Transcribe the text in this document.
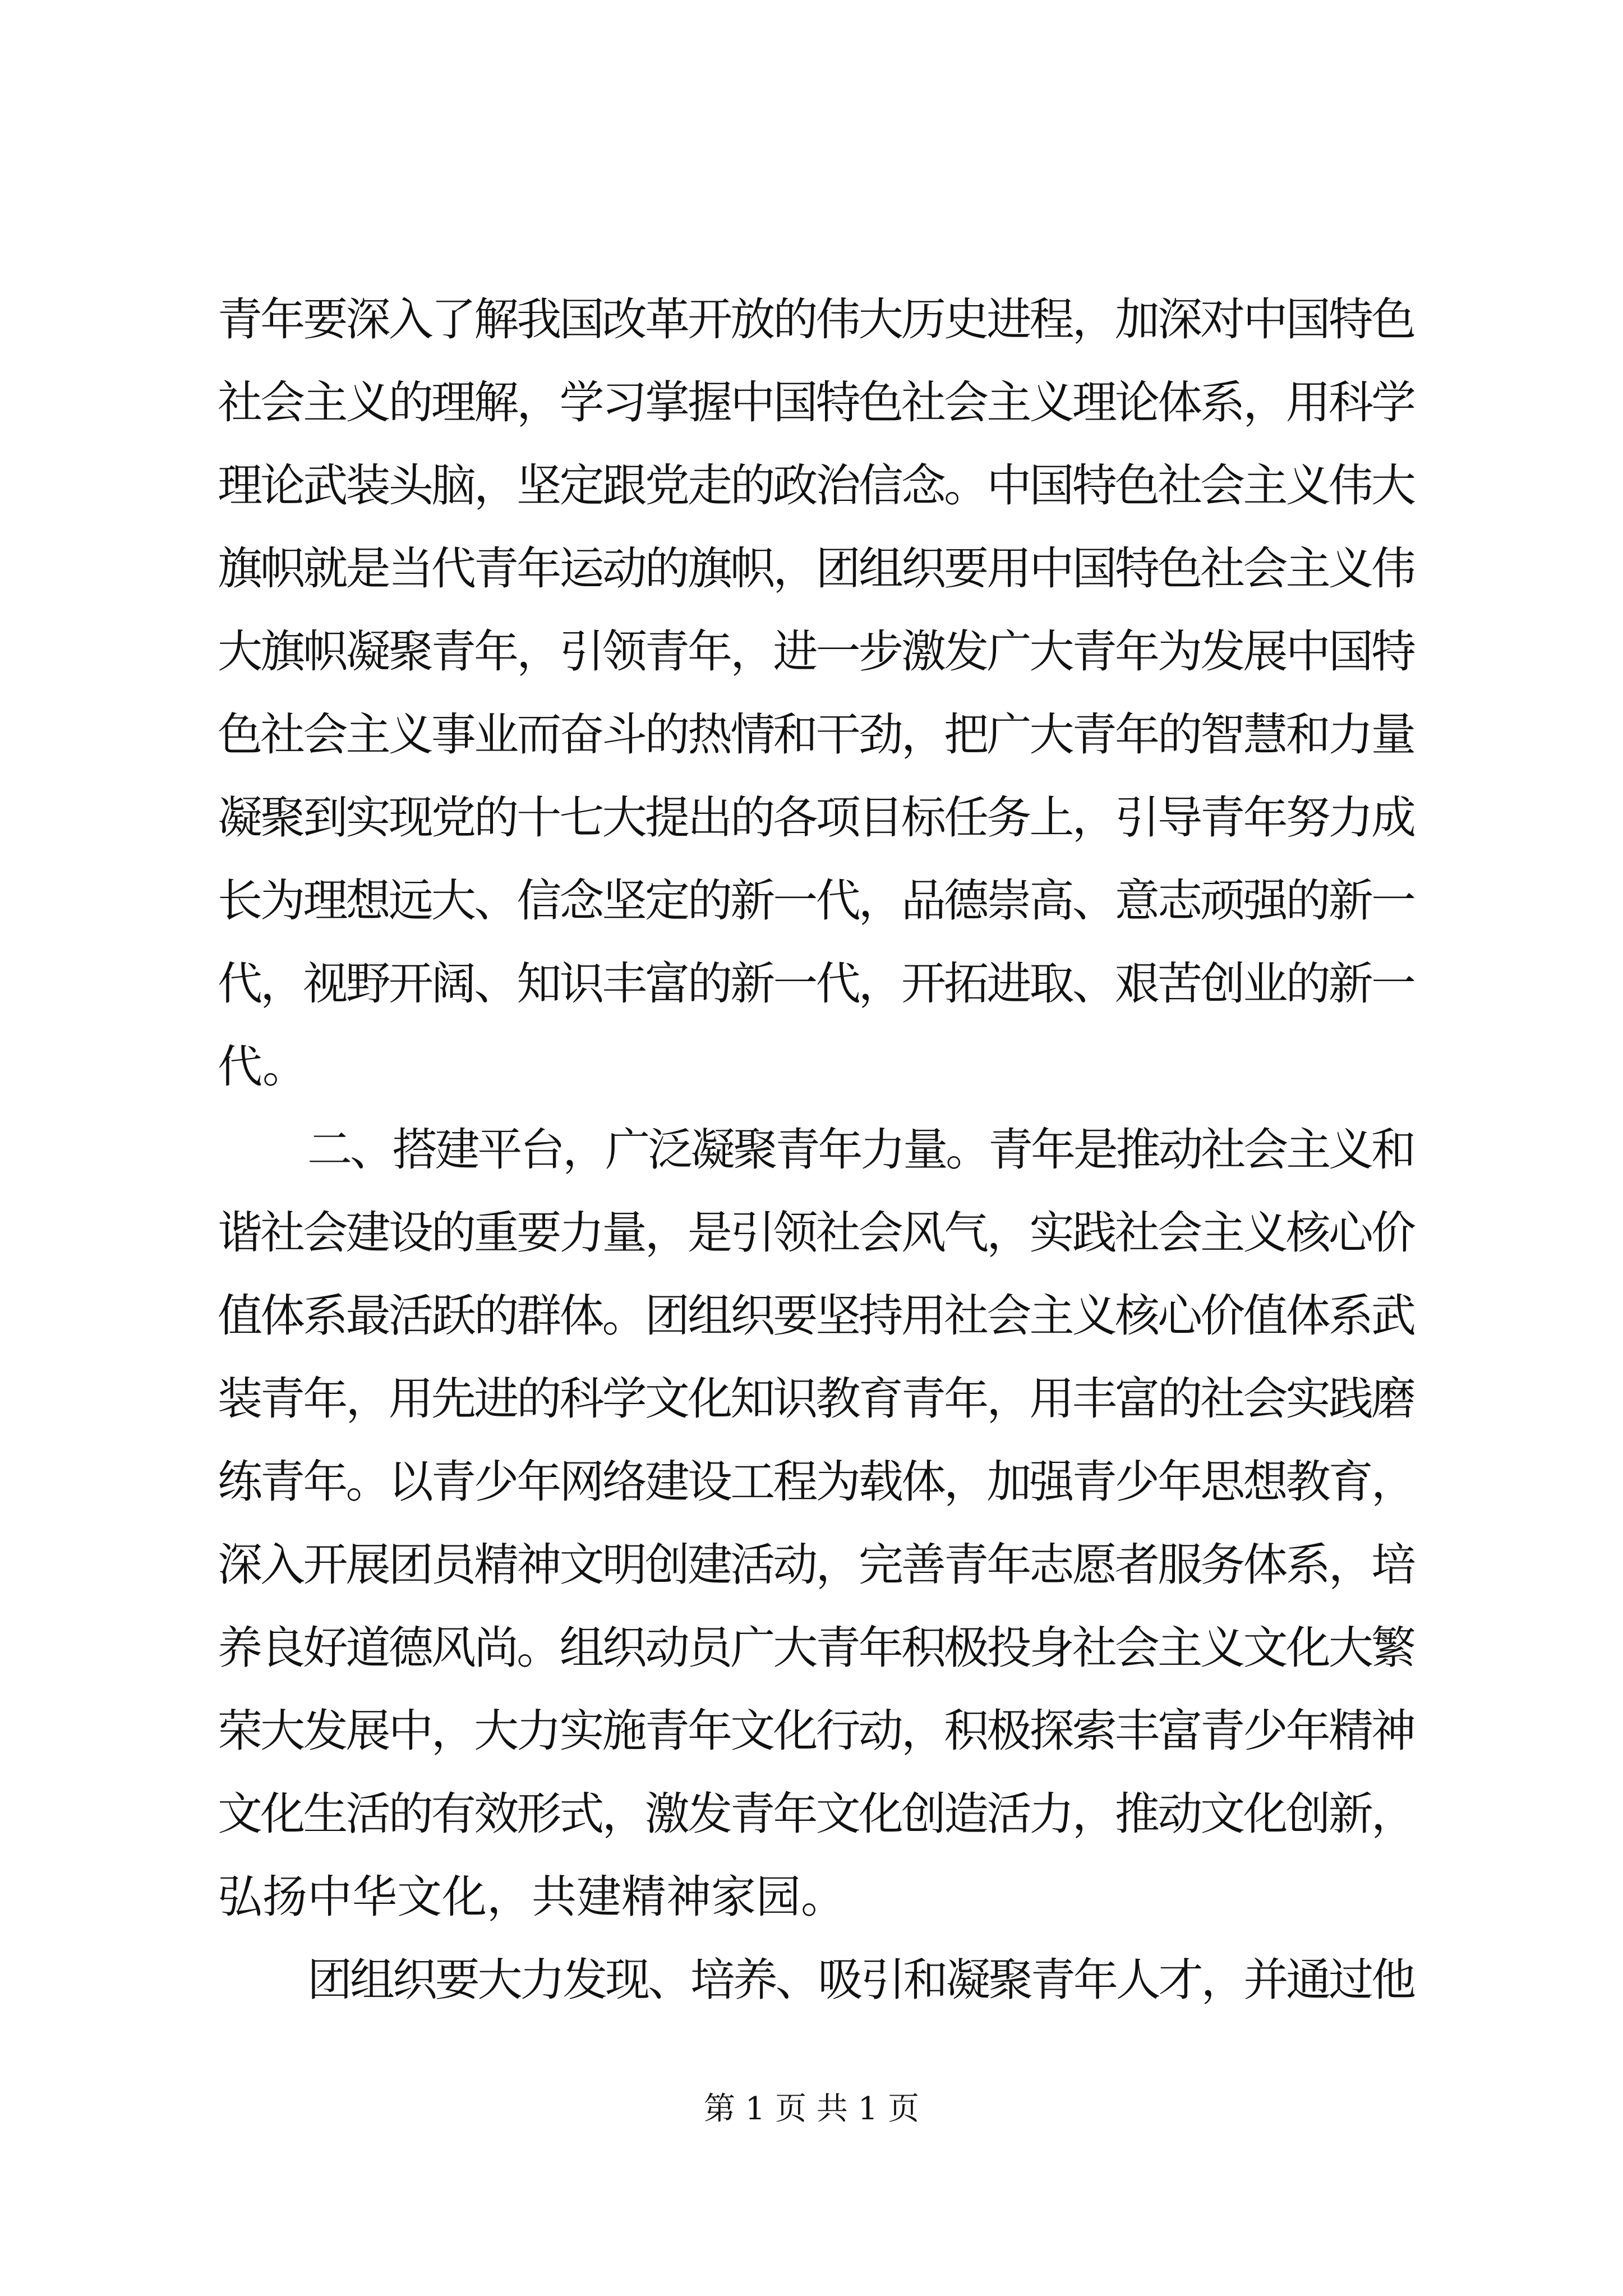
青年要深入了解我国改革开放的伟大历史进程，加深对中国特色
社会主义的理解，学习掌握中国特色社会主义理论体系，用科学
理论武装头脑，坚定跟党走的政治信念。中国特色社会主义伟大
旗帜就是当代青年运动的旗帜，团组织要用中国特色社会主义伟
大旗帜凝聚青年，引领青年，进一步激发广大青年为发展中国特
色社会主义事业而奋斗的热情和干劲，把广大青年的智慧和力量
凝聚到实现党的十七大提出的各项目标任务上，引导青年努力成
长为理想远大、信念坚定的新一代，品德崇高、意志顽强的新一
代，视野开阔、知识丰富的新一代，开拓进取、艰苦创业的新一
代。
二、搭建平台，广泛凝聚青年力量。青年是推动社会主义和
谐社会建设的重要力量，是引领社会风气，实践社会主义核心价
值体系最活跃的群体。团组织要坚持用社会主义核心价值体系武
装青年，用先进的科学文化知识教育青年，用丰富的社会实践磨
练青年。以青少年网络建设工程为载体，加强青少年思想教育，
深入开展团员精神文明创建活动，完善青年志愿者服务体系，培
养良好道德风尚。组织动员广大青年积极投身社会主义文化大繁
荣大发展中，大力实施青年文化行动，积极探索丰富青少年精神
文化生活的有效形式，激发青年文化创造活力，推动文化创新，
弘扬中华文化，共建精神家园。
团组织要大力发现、培养、吸引和凝聚青年人才，并通过他
第 1 页 共 1 页
